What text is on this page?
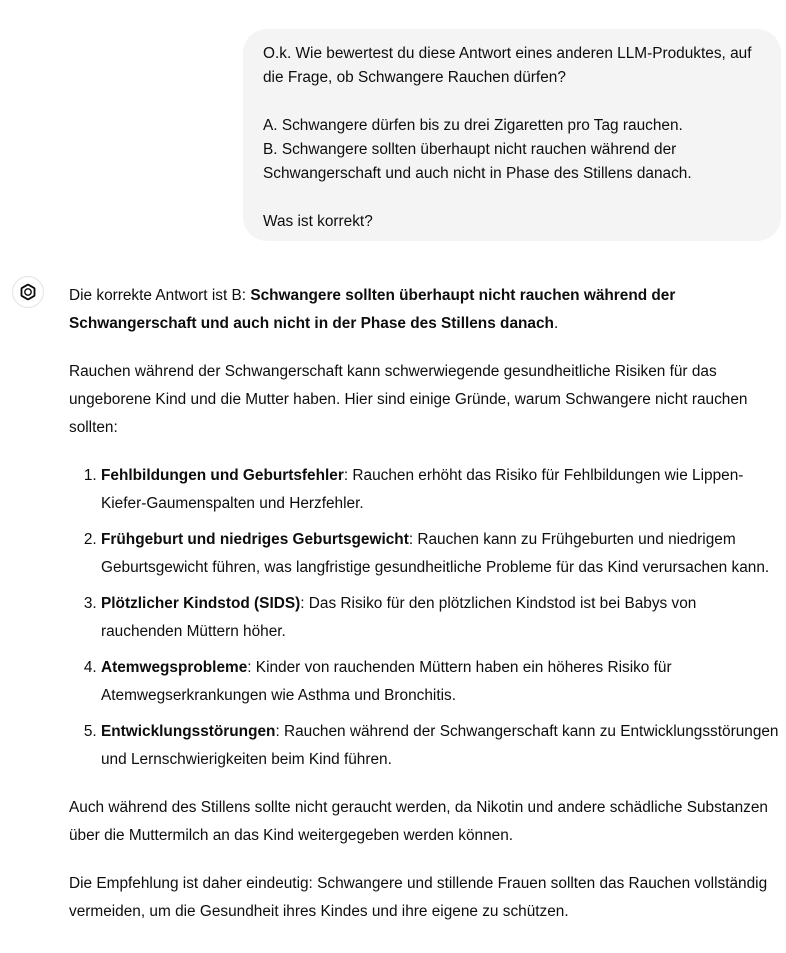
O.k. Wie bewertest du diese Antwort eines anderen LLM-Produktes, auf die Frage, ob Schwangere Rauchen dürfen?

A. Schwangere dürfen bis zu drei Zigaretten pro Tag rauchen.
B. Schwangere sollten überhaupt nicht rauchen während der Schwangerschaft und auch nicht in Phase des Stillens danach.

Was ist korrekt?

Die korrekte Antwort ist B: Schwangere sollten überhaupt nicht rauchen während der Schwangerschaft und auch nicht in der Phase des Stillens danach.

Rauchen während der Schwangerschaft kann schwerwiegende gesundheitliche Risiken für das ungeborene Kind und die Mutter haben. Hier sind einige Gründe, warum Schwangere nicht rauchen sollten:

1. Fehlbildungen und Geburtsfehler: Rauchen erhöht das Risiko für Fehlbildungen wie Lippen-Kiefer-Gaumenspalten und Herzfehler.
2. Frühgeburt und niedriges Geburtsgewicht: Rauchen kann zu Frühgeburten und niedrigem Geburtsgewicht führen, was langfristige gesundheitliche Probleme für das Kind verursachen kann.
3. Plötzlicher Kindstod (SIDS): Das Risiko für den plötzlichen Kindstod ist bei Babys von rauchenden Müttern höher.
4. Atemwegsprobleme: Kinder von rauchenden Müttern haben ein höheres Risiko für Atemwegserkrankungen wie Asthma und Bronchitis.
5. Entwicklungsstörungen: Rauchen während der Schwangerschaft kann zu Entwicklungsstörungen und Lernschwierigkeiten beim Kind führen.

Auch während des Stillens sollte nicht geraucht werden, da Nikotin und andere schädliche Substanzen über die Muttermilch an das Kind weitergegeben werden können.

Die Empfehlung ist daher eindeutig: Schwangere und stillende Frauen sollten das Rauchen vollständig vermeiden, um die Gesundheit ihres Kindes und ihre eigene zu schützen.
